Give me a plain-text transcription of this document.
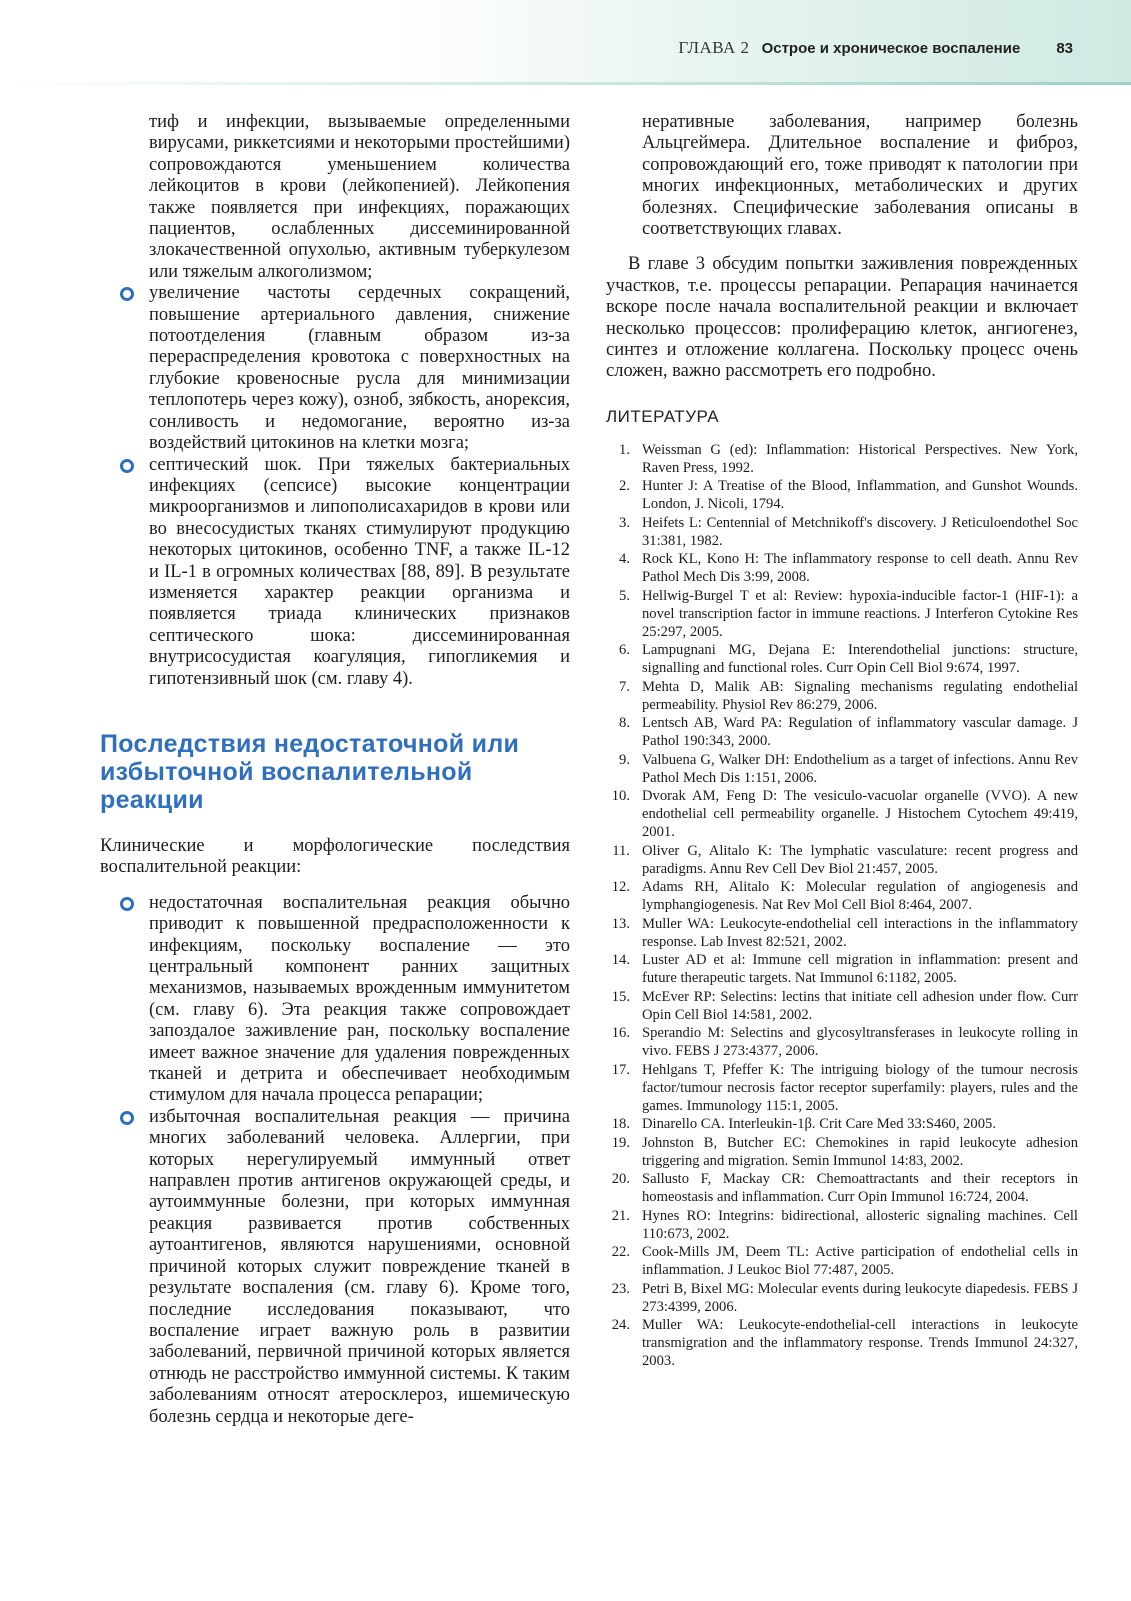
ГЛАВА 2 Острое и хроническое воспаление 83

тиф и инфекции, вызываемые определенными вирусами, риккетсиями и некоторыми простейшими) сопровождаются уменьшением количества лейкоцитов в крови (лейкопенией). Лейкопения также появляется при инфекциях, поражающих пациентов, ослабленных диссеминированной злокачественной опухолью, активным туберкулезом или тяжелым алкоголизмом;

увеличение частоты сердечных сокращений, повышение артериального давления, снижение потоотделения (главным образом из-за перераспределения кровотока с поверхностных на глубокие кровеносные русла для минимизации теплопотерь через кожу), озноб, зябкость, анорексия, сонливость и недомогание, вероятно из-за воздействий цитокинов на клетки мозга;
септический шок. При тяжелых бактериальных инфекциях (сепсисе) высокие концентрации микроорганизмов и липополисахаридов в крови или во внесосудистых тканях стимулируют продукцию некоторых цитокинов, особенно TNF, а также IL-12 и IL-1 в огромных количествах [88, 89]. В результате изменяется характер реакции организма и появляется триада клинических признаков септического шока: диссеминированная внутрисосудистая коагуляция, гипогликемия и гипотензивный шок (см. главу 4).
Последствия недостаточной или избыточной воспалительной реакции

Клинические и морфологические последствия воспалительной реакции:

недостаточная воспалительная реакция обычно приводит к повышенной предрасположенности к инфекциям, поскольку воспаление — это центральный компонент ранних защитных механизмов, называемых врожденным иммунитетом (см. главу 6). Эта реакция также сопровождает запоздалое заживление ран, поскольку воспаление имеет важное значение для удаления поврежденных тканей и детрита и обеспечивает необходимым стимулом для начала процесса репарации;
избыточная воспалительная реакция — причина многих заболеваний человека. Аллергии, при которых нерегулируемый иммунный ответ направлен против антигенов окружающей среды, и аутоиммунные болезни, при которых иммунная реакция развивается против собственных аутоантигенов, являются нарушениями, основной причиной которых служит повреждение тканей в результате воспаления (см. главу 6). Кроме того, последние исследования показывают, что воспаление играет важную роль в развитии заболеваний, первичной причиной которых является отнюдь не расстройство иммунной системы. К таким заболеваниям относят атеросклероз, ишемическую болезнь сердца и некоторые деге-

неративные заболевания, например болезнь Альцгеймера. Длительное воспаление и фиброз, сопровождающий его, тоже приводят к патологии при многих инфекционных, метаболических и других болезнях. Специфические заболевания описаны в соответствующих главах.

В главе 3 обсудим попытки заживления поврежденных участков, т.е. процессы репарации. Репарация начинается вскоре после начала воспалительной реакции и включает несколько процессов: пролиферацию клеток, ангиогенез, синтез и отложение коллагена. Поскольку процесс очень сложен, важно рассмотреть его подробно.

ЛИТЕРАТУРА
1. Weissman G (ed): Inflammation: Historical Perspectives. New York, Raven Press, 1992.
2. Hunter J: A Treatise of the Blood, Inflammation, and Gunshot Wounds. London, J. Nicoli, 1794.
3. Heifets L: Centennial of Metchnikoff's discovery. J Reticuloendothel Soc 31:381, 1982.
4. Rock KL, Kono H: The inflammatory response to cell death. Annu Rev Pathol Mech Dis 3:99, 2008.
5. Hellwig-Burgel T et al: Review: hypoxia-inducible factor-1 (HIF-1): a novel transcription factor in immune reactions. J Interferon Cytokine Res 25:297, 2005.
6. Lampugnani MG, Dejana E: Interendothelial junctions: structure, signalling and functional roles. Curr Opin Cell Biol 9:674, 1997.
7. Mehta D, Malik AB: Signaling mechanisms regulating endothelial permeability. Physiol Rev 86:279, 2006.
8. Lentsch AB, Ward PA: Regulation of inflammatory vascular damage. J Pathol 190:343, 2000.
9. Valbuena G, Walker DH: Endothelium as a target of infections. Annu Rev Pathol Mech Dis 1:151, 2006.
10. Dvorak AM, Feng D: The vesiculo-vacuolar organelle (VVO). A new endothelial cell permeability organelle. J Histochem Cytochem 49:419, 2001.
11. Oliver G, Alitalo K: The lymphatic vasculature: recent progress and paradigms. Annu Rev Cell Dev Biol 21:457, 2005.
12. Adams RH, Alitalo K: Molecular regulation of angiogenesis and lymphangiogenesis. Nat Rev Mol Cell Biol 8:464, 2007.
13. Muller WA: Leukocyte-endothelial cell interactions in the inflammatory response. Lab Invest 82:521, 2002.
14. Luster AD et al: Immune cell migration in inflammation: present and future therapeutic targets. Nat Immunol 6:1182, 2005.
15. McEver RP: Selectins: lectins that initiate cell adhesion under flow. Curr Opin Cell Biol 14:581, 2002.
16. Sperandio M: Selectins and glycosyltransferases in leukocyte rolling in vivo. FEBS J 273:4377, 2006.
17. Hehlgans T, Pfeffer K: The intriguing biology of the tumour necrosis factor/tumour necrosis factor receptor superfamily: players, rules and the games. Immunology 115:1, 2005.
18. Dinarello CA. Interleukin-1β. Crit Care Med 33:S460, 2005.
19. Johnston B, Butcher EC: Chemokines in rapid leukocyte adhesion triggering and migration. Semin Immunol 14:83, 2002.
20. Sallusto F, Mackay CR: Chemoattractants and their receptors in homeostasis and inflammation. Curr Opin Immunol 16:724, 2004.
21. Hynes RO: Integrins: bidirectional, allosteric signaling machines. Cell 110:673, 2002.
22. Cook-Mills JM, Deem TL: Active participation of endothelial cells in inflammation. J Leukoc Biol 77:487, 2005.
23. Petri B, Bixel MG: Molecular events during leukocyte diapedesis. FEBS J 273:4399, 2006.
24. Muller WA: Leukocyte-endothelial-cell interactions in leukocyte transmigration and the inflammatory response. Trends Immunol 24:327, 2003.
